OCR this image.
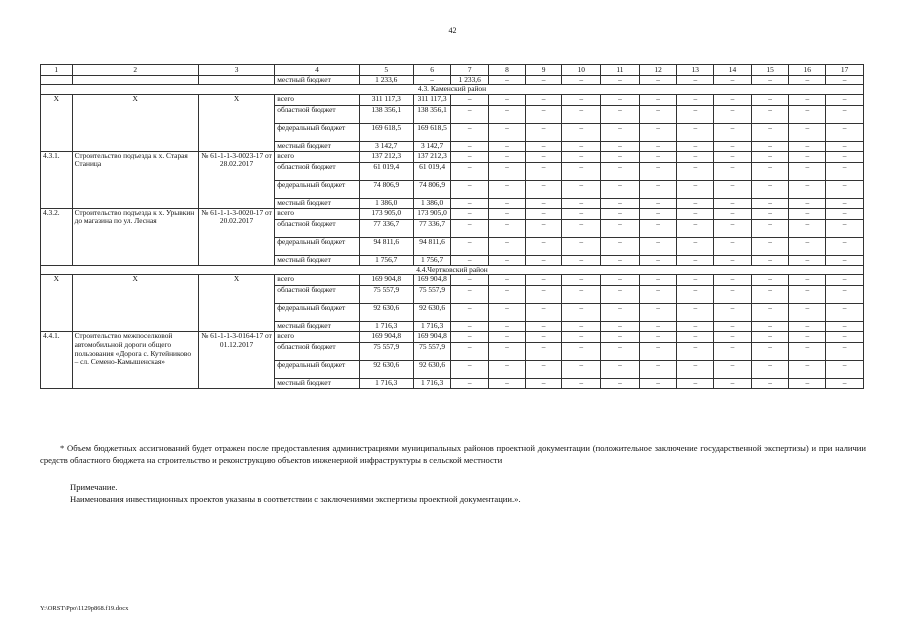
42
1	2	3	4	5	6	7	8	9	10	11	12	13	14	15	16	17
			местный бюджет	1 233,6	–	1 233,6	–	–	–	–	–	–	–	–	–	–
4.3. Каменский район																
Х	Х	Х	всего	311 117,3	311 117,3	–	–	–	–	–	–	–	–	–	–	–
			областной бюджет	138 356,1	138 356,1	–	–	–	–	–	–	–	–	–	–	–
			федеральный бюджет	169 618,5	169 618,5	–	–	–	–	–	–	–	–	–	–	–
			местный бюджет	3 142,7	3 142,7	–	–	–	–	–	–	–	–	–	–	–
4.3.1.	Строительство подъезда к х. Старая Станица	№ 61-1-1-3-0023-17 от 28.02.2017	всего	137 212,3	137 212,3	–	–	–	–	–	–	–	–	–	–	–
			областной бюджет	61 019,4	61 019,4	–	–	–	–	–	–	–	–	–	–	–
			федеральный бюджет	74 806,9	74 806,9	–	–	–	–	–	–	–	–	–	–	–
			местный бюджет	1 386,0	1 386,0	–	–	–	–	–	–	–	–	–	–	–
4.3.2.	Строительство подъезда к х. Урывкин до магазина по ул. Лесная	№ 61-1-1-3-0020-17 от 20.02.2017	всего	173 905,0	173 905,0	–	–	–	–	–	–	–	–	–	–	–
			областной бюджет	77 336,7	77 336,7	–	–	–	–	–	–	–	–	–	–	–
			федеральный бюджет	94 811,6	94 811,6	–	–	–	–	–	–	–	–	–	–	–
			местный бюджет	1 756,7	1 756,7	–	–	–	–	–	–	–	–	–	–	–
4.4.Чертковский район																
Х	Х	Х	всего	169 904,8	169 904,8	–	–	–	–	–	–	–	–	–	–	–
			областной бюджет	75 557,9	75 557,9	–	–	–	–	–	–	–	–	–	–	–
			федеральный бюджет	92 630,6	92 630,6	–	–	–	–	–	–	–	–	–	–	–
			местный бюджет	1 716,3	1 716,3	–	–	–	–	–	–	–	–	–	–	–
4.4.1.	Строительство межпоселковой автомобильной дороги общего пользования «Дорога с. Кутейниково – сл. Семено-Камышенская»	№ 61-1-1-3-0164-17 от 01.12.2017	всего	169 904,8	169 904,8	–	–	–	–	–	–	–	–	–	–	–
			областной бюджет	75 557,9	75 557,9	–	–	–	–	–	–	–	–	–	–	–
			федеральный бюджет	92 630,6	92 630,6	–	–	–	–	–	–	–	–	–	–	–
			местный бюджет	1 716,3	1 716,3	–	–	–	–	–	–	–	–	–	–	–
* Объем бюджетных ассигнований будет отражен после предоставления администрациями муниципальных районов проектной документации (положительное заключение государственной экспертизы) и при наличии средств областного бюджета на строительство и реконструкцию объектов инженерной инфраструктуры в сельской местности
Примечание.
Наименования инвестиционных проектов указаны в соответствии с заключениями экспертизы проектной документации.».
Y:\ORST\Ppo\1129p868.f19.docx
